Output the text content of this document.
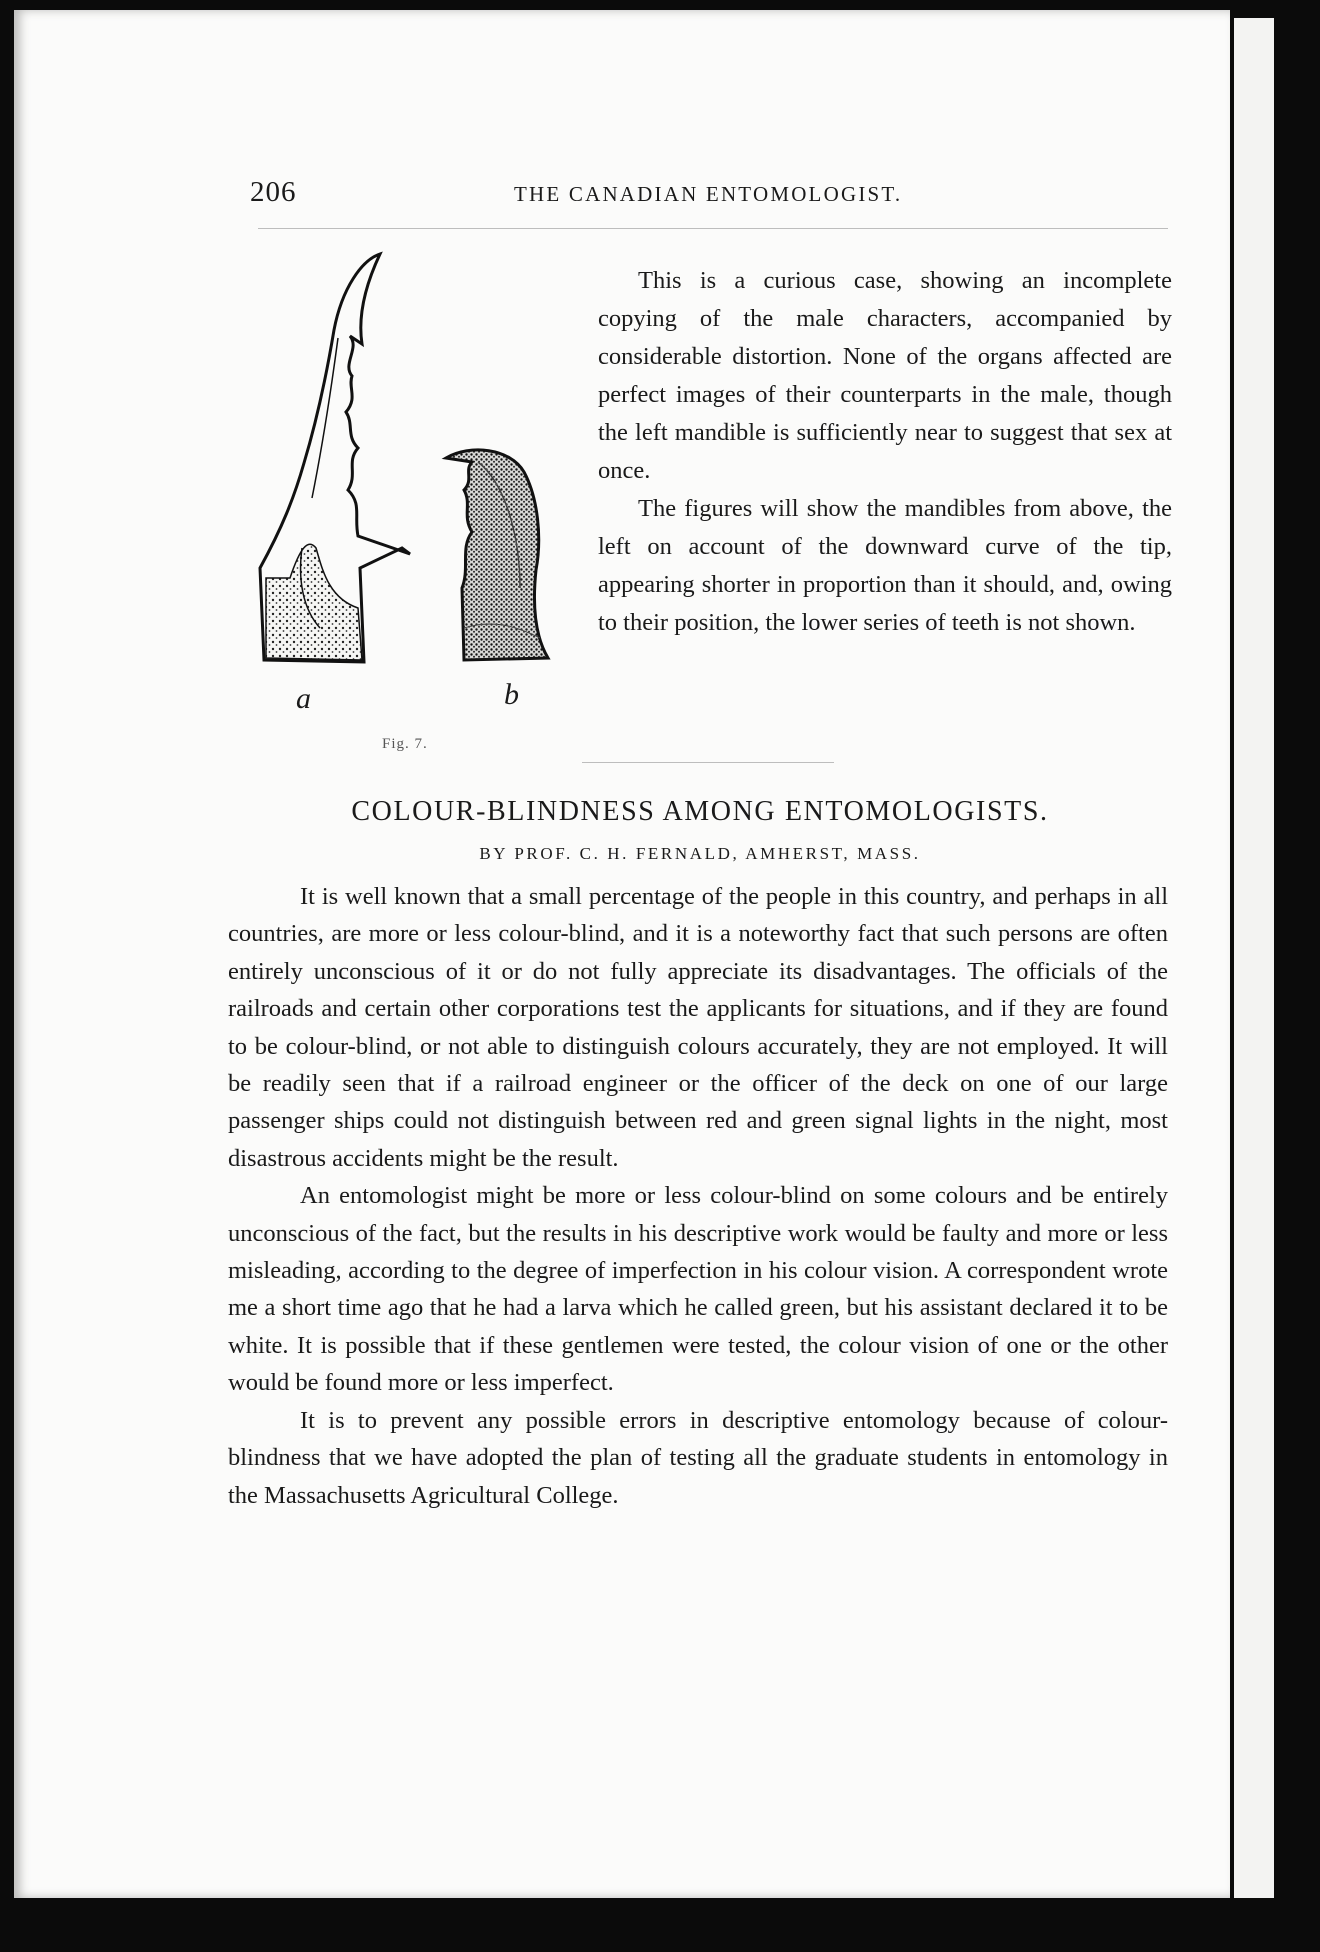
206	THE CANADIAN ENTOMOLOGIST.
a	b
Fig. 7.

This is a curious case, showing an incomplete copying of the male characters, accompanied by considerable distortion. None of the organs affected are perfect images of their counterparts in the male, though the left mandible is sufficiently near to suggest that sex at once.

The figures will show the mandibles from above, the left on account of the downward curve of the tip, appearing shorter in proportion than it should, and, owing to their position, the lower series of teeth is not shown.

COLOUR-BLINDNESS AMONG ENTOMOLOGISTS.
BY PROF. C. H. FERNALD, AMHERST, MASS.

It is well known that a small percentage of the people in this country, and perhaps in all countries, are more or less colour-blind, and it is a noteworthy fact that such persons are often entirely unconscious of it or do not fully appreciate its disadvantages. The officials of the railroads and certain other corporations test the applicants for situations, and if they are found to be colour-blind, or not able to distinguish colours accurately, they are not employed. It will be readily seen that if a railroad engineer or the officer of the deck on one of our large passenger ships could not distinguish between red and green signal lights in the night, most disastrous accidents might be the result.

An entomologist might be more or less colour-blind on some colours and be entirely unconscious of the fact, but the results in his descriptive work would be faulty and more or less misleading, according to the degree of imperfection in his colour vision. A correspondent wrote me a short time ago that he had a larva which he called green, but his assistant declared it to be white. It is possible that if these gentlemen were tested, the colour vision of one or the other would be found more or less imperfect.

It is to prevent any possible errors in descriptive entomology because of colour-blindness that we have adopted the plan of testing all the graduate students in entomology in the Massachusetts Agricultural College.
